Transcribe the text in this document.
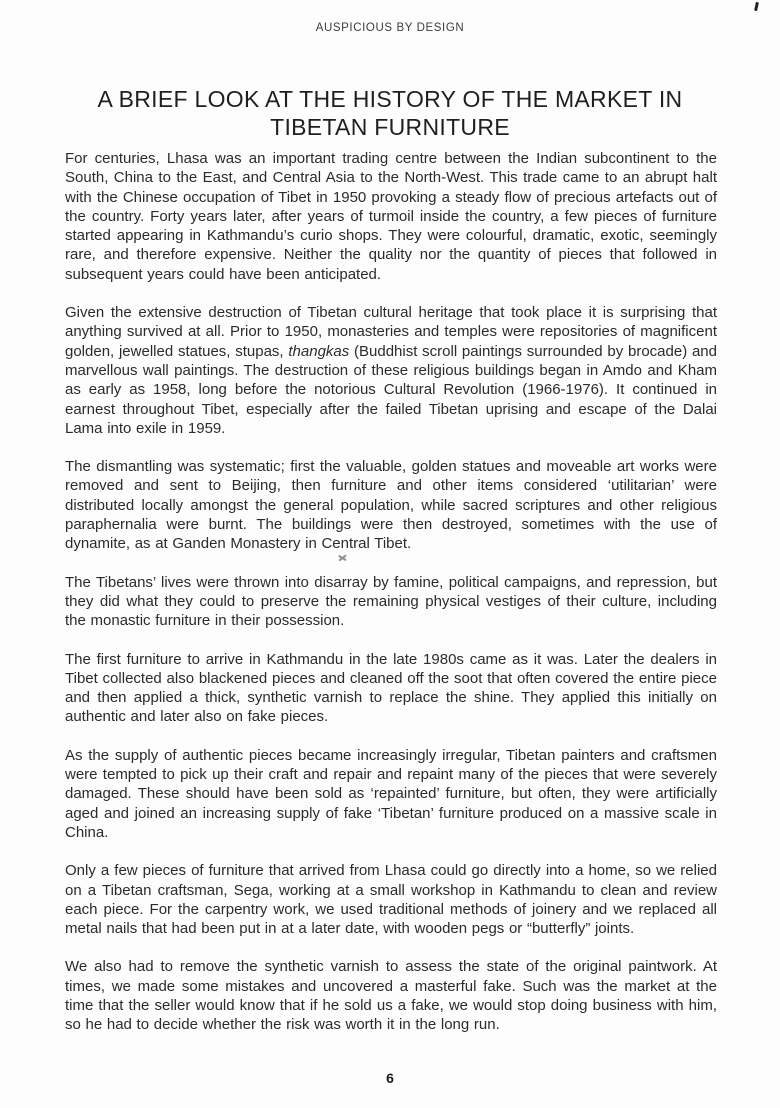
AUSPICIOUS BY DESIGN
A BRIEF LOOK AT THE HISTORY OF THE MARKET IN
TIBETAN FURNITURE

For centuries, Lhasa was an important trading centre between the Indian subcontinent to the South, China to the East, and Central Asia to the North-West. This trade came to an abrupt halt with the Chinese occupation of Tibet in 1950 provoking a steady flow of precious artefacts out of the country. Forty years later, after years of turmoil inside the country, a few pieces of furniture started appearing in Kathmandu’s curio shops. They were colourful, dramatic, exotic, seemingly rare, and therefore expensive. Neither the quality nor the quantity of pieces that followed in subsequent years could have been anticipated.

Given the extensive destruction of Tibetan cultural heritage that took place it is surprising that anything survived at all. Prior to 1950, monasteries and temples were repositories of magnificent golden, jewelled statues, stupas, thangkas (Buddhist scroll paintings surrounded by brocade) and marvellous wall paintings. The destruction of these religious buildings began in Amdo and Kham as early as 1958, long before the notorious Cultural Revolution (1966-1976). It continued in earnest throughout Tibet, especially after the failed Tibetan uprising and escape of the Dalai Lama into exile in 1959.

The dismantling was systematic; first the valuable, golden statues and moveable art works were removed and sent to Beijing, then furniture and other items considered ‘utilitarian’ were distributed locally amongst the general population, while sacred scriptures and other religious paraphernalia were burnt. The buildings were then destroyed, sometimes with the use of dynamite, as at Ganden Monastery in Central Tibet.

The Tibetans’ lives were thrown into disarray by famine, political campaigns, and repression, but they did what they could to preserve the remaining physical vestiges of their culture, including the monastic furniture in their possession.

The first furniture to arrive in Kathmandu in the late 1980s came as it was. Later the dealers in Tibet collected also blackened pieces and cleaned off the soot that often covered the entire piece and then applied a thick, synthetic varnish to replace the shine. They applied this initially on authentic and later also on fake pieces.

As the supply of authentic pieces became increasingly irregular, Tibetan painters and craftsmen were tempted to pick up their craft and repair and repaint many of the pieces that were severely damaged. These should have been sold as ‘repainted’ furniture, but often, they were artificially aged and joined an increasing supply of fake ‘Tibetan’ furniture produced on a massive scale in China.

Only a few pieces of furniture that arrived from Lhasa could go directly into a home, so we relied on a Tibetan craftsman, Sega, working at a small workshop in Kathmandu to clean and review each piece. For the carpentry work, we used traditional methods of joinery and we replaced all metal nails that had been put in at a later date, with wooden pegs or “butterfly” joints.

We also had to remove the synthetic varnish to assess the state of the original paintwork. At times, we made some mistakes and uncovered a masterful fake. Such was the market at the time that the seller would know that if he sold us a fake, we would stop doing business with him, so he had to decide whether the risk was worth it in the long run.

6
